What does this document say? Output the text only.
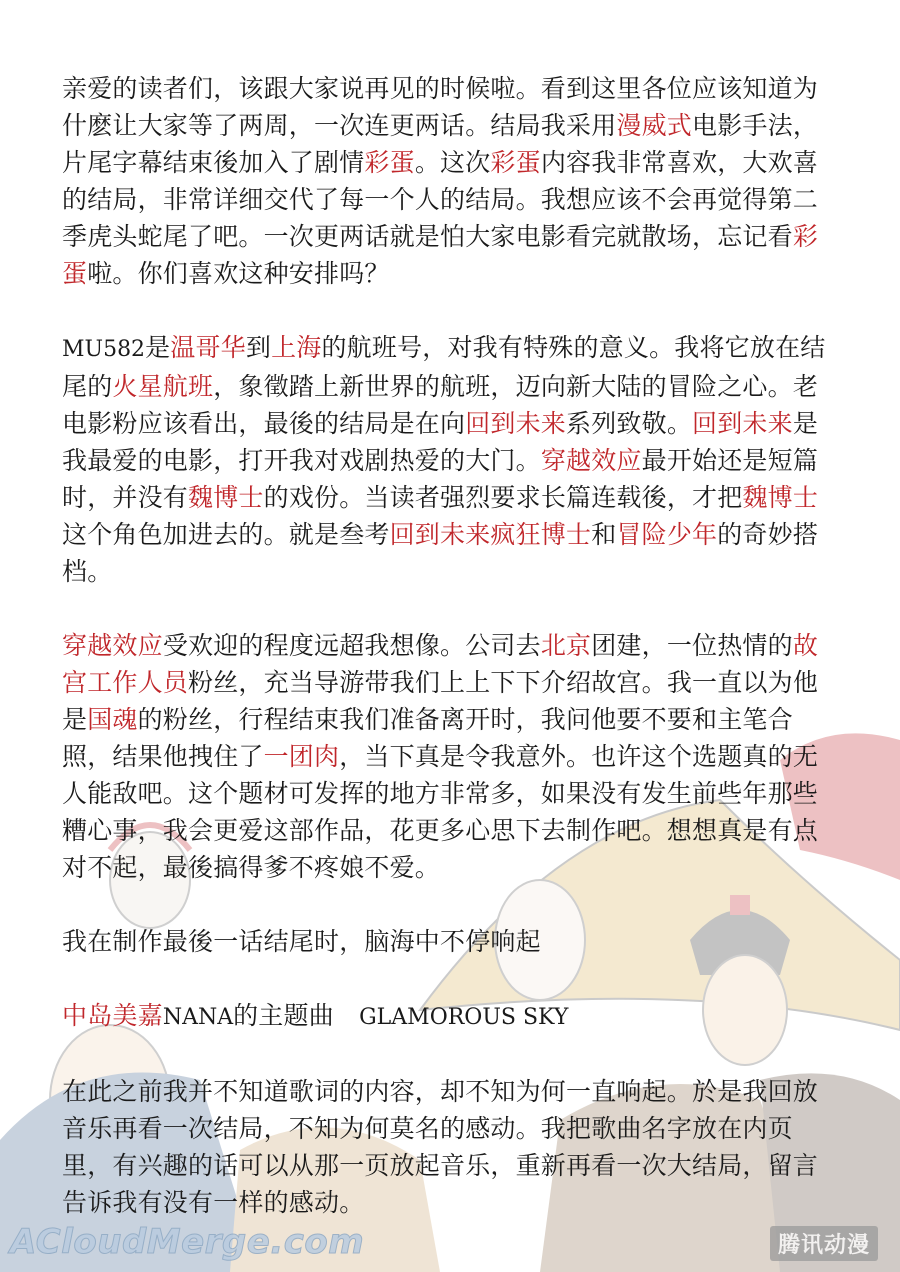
亲爱的读者们，该跟大家说再见的时候啦。看到这里各位应该知道为什麽让大家等了两周，一次连更两话。结局我采用漫威式电影手法，片尾字幕结束後加入了剧情彩蛋。这次彩蛋内容我非常喜欢，大欢喜的结局，非常详细交代了每一个人的结局。我想应该不会再觉得第二季虎头蛇尾了吧。一次更两话就是怕大家电影看完就散场，忘记看彩蛋啦。你们喜欢这种安排吗？

MU582是温哥华到上海的航班号，对我有特殊的意义。我将它放在结尾的火星航班，象徵踏上新世界的航班，迈向新大陆的冒险之心。老电影粉应该看出，最後的结局是在向回到未来系列致敬。回到未来是我最爱的电影，打开我对戏剧热爱的大门。穿越效应最开始还是短篇时，并没有魏博士的戏份。当读者强烈要求长篇连载後，才把魏博士这个角色加进去的。就是叁考回到未来疯狂博士和冒险少年的奇妙搭档。

穿越效应受欢迎的程度远超我想像。公司去北京团建，一位热情的故宫工作人员粉丝，充当导游带我们上上下下介绍故宫。我一直以为他是国魂的粉丝，行程结束我们准备离开时，我问他要不要和主笔合照，结果他拽住了一团肉，当下真是令我意外。也许这个选题真的无人能敌吧。这个题材可发挥的地方非常多，如果没有发生前些年那些糟心事，我会更爱这部作品，花更多心思下去制作吧。想想真是有点对不起，最後搞得爹不疼娘不爱。

我在制作最後一话结尾时，脑海中不停响起

中岛美嘉NANA的主题曲　GLAMOROUS SKY

在此之前我并不知道歌词的内容，却不知为何一直响起。於是我回放音乐再看一次结局，不知为何莫名的感动。我把歌曲名字放在内页里，有兴趣的话可以从那一页放起音乐，重新再看一次大结局，留言告诉我有没有一样的感动。

ACloudMerge.com	腾讯动漫
